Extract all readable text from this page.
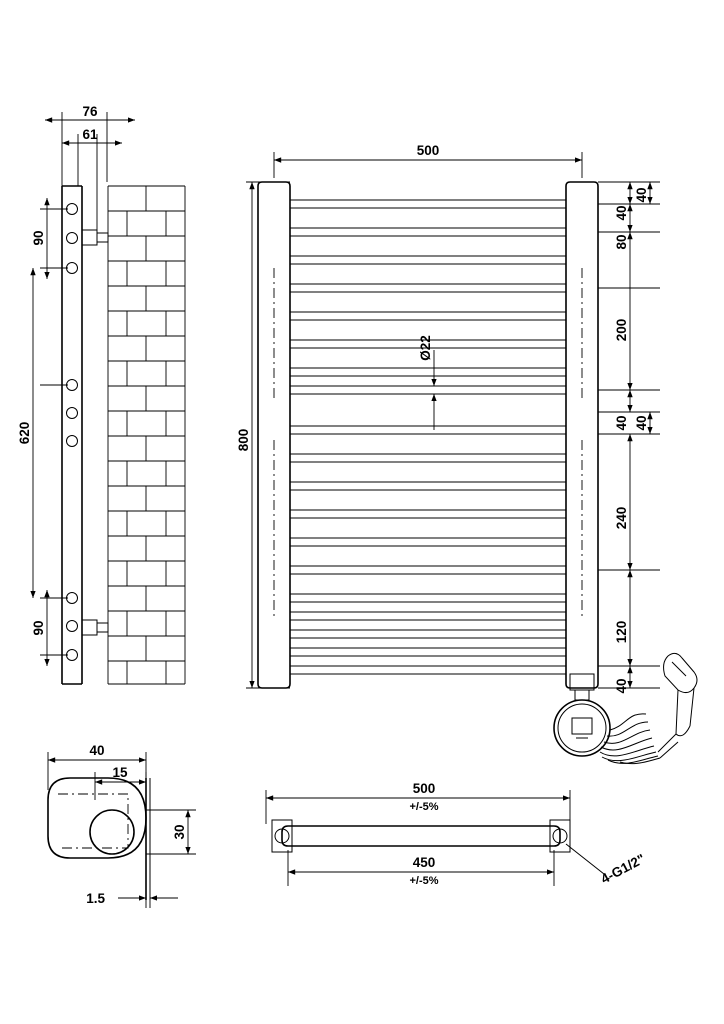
76
61
90
620
90
Ø22
500
800
40
40
80
200
40 40
240
120
40
40
15
30
1.5
4-G1/2"
500
+/-5%
450
+/-5%
